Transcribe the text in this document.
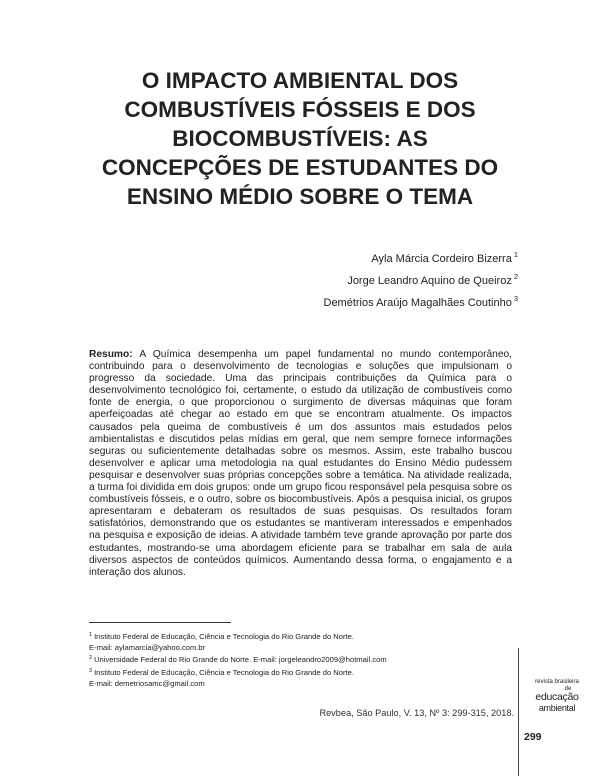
O IMPACTO AMBIENTAL DOS
COMBUSTÍVEIS FÓSSEIS E DOS
BIOCOMBUSTÍVEIS: AS
CONCEPÇÕES DE ESTUDANTES DO
ENSINO MÉDIO SOBRE O TEMA
Ayla Márcia Cordeiro Bizerra $^1$
Jorge Leandro Aquino de Queiroz $^2$
Demétrios Araújo Magalhães Coutinho $^3$
Resumo: A Química desempenha um papel fundamental no mundo contemporâneo, contribuindo para o desenvolvimento de tecnologias e soluções que impulsionam o progresso da sociedade. Uma das principais contribuições da Química para o desenvolvimento tecnológico foi, certamente, o estudo da utilização de combustíveis como fonte de energia, o que proporcionou o surgimento de diversas máquinas que foram aperfeiçoadas até chegar ao estado em que se encontram atualmente. Os impactos causados pela queima de combustíveis é um dos assuntos mais estudados pelos ambientalistas e discutidos pelas mídias em geral, que nem sempre fornece informações seguras ou suficientemente detalhadas sobre os mesmos. Assim, este trabalho buscou desenvolver e aplicar uma metodologia na qual estudantes do Ensino Médio pudessem pesquisar e desenvolver suas próprias concepções sobre a temática. Na atividade realizada, a turma foi dividida em dois grupos: onde um grupo ficou responsável pela pesquisa sobre os combustíveis fósseis, e o outro, sobre os biocombustíveis. Após a pesquisa inicial, os grupos apresentaram e debateram os resultados de suas pesquisas. Os resultados foram satisfatórios, demonstrando que os estudantes se mantiveram interessados e empenhados na pesquisa e exposição de ideias. A atividade também teve grande aprovação por parte dos estudantes, mostrando-se uma abordagem eficiente para se trabalhar em sala de aula diversos aspectos de conteúdos químicos. Aumentando dessa forma, o engajamento e a interação dos alunos.
$^1$ Instituto Federal de Educação, Ciência e Tecnologia do Rio Grande do Norte.
E-mail: aylamarcia@yahoo.com.br
$^2$ Universidade Federal do Rio Grande do Norte. E-mail: jorgeleandro2009@hotmail.com
$^3$ Instituto Federal de Educação, Ciência e Tecnologia do Rio Grande do Norte.
E-mail: demetriosamc@gmail.com	revista brasileira
de
educação
ambiental
Revbea, São Paulo, V. 13, Nº 3: 299-315, 2018.
299
